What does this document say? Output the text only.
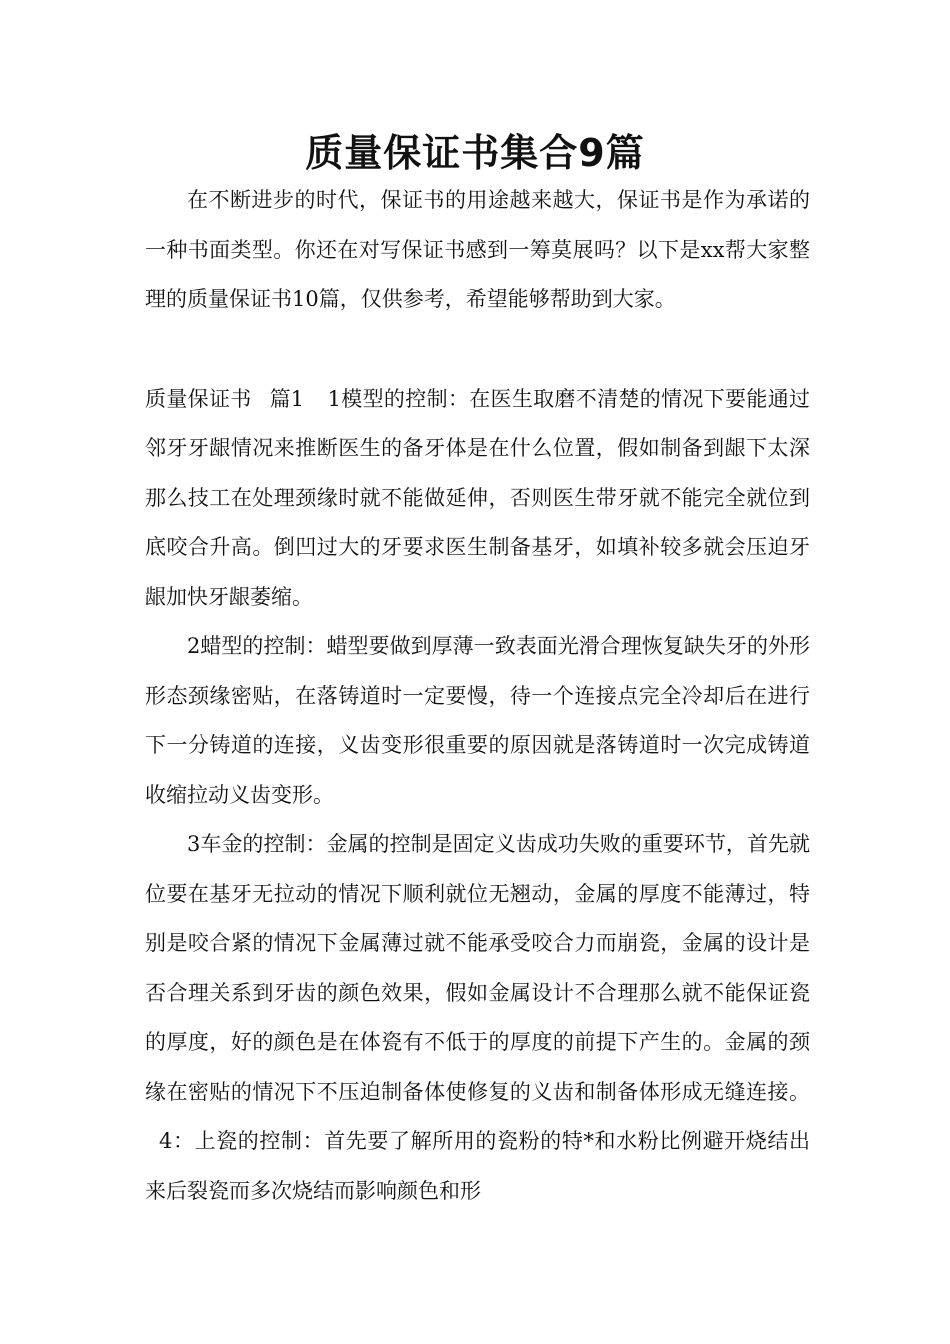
质量保证书集合9篇

在不断进步的时代，保证书的用途越来越大，保证书是作为承诺的一种书面类型。你还在对写保证书感到一筹莫展吗？以下是xx帮大家整理的质量保证书10篇，仅供参考，希望能够帮助到大家。

质量保证书 篇1 1模型的控制：在医生取磨不清楚的情况下要能通过邻牙牙龈情况来推断医生的备牙体是在什么位置，假如制备到龈下太深那么技工在处理颈缘时就不能做延伸，否则医生带牙就不能完全就位到底咬合升高。倒凹过大的牙要求医生制备基牙，如填补较多就会压迫牙龈加快牙龈萎缩。

2蜡型的控制：蜡型要做到厚薄一致表面光滑合理恢复缺失牙的外形形态颈缘密贴，在落铸道时一定要慢，待一个连接点完全冷却后在进行下一分铸道的连接，义齿变形很重要的原因就是落铸道时一次完成铸道收缩拉动义齿变形。

3车金的控制：金属的控制是固定义齿成功失败的重要环节，首先就位要在基牙无拉动的情况下顺利就位无翘动，金属的厚度不能薄过，特别是咬合紧的情况下金属薄过就不能承受咬合力而崩瓷，金属的设计是否合理关系到牙齿的颜色效果，假如金属设计不合理那么就不能保证瓷的厚度，好的颜色是在体瓷有不低于的厚度的前提下产生的。金属的颈缘在密贴的情况下不压迫制备体使修复的义齿和制备体形成无缝连接。4：上瓷的控制：首先要了解所用的瓷粉的特*和水粉比例避开烧结出来后裂瓷而多次烧结而影响颜色和形
